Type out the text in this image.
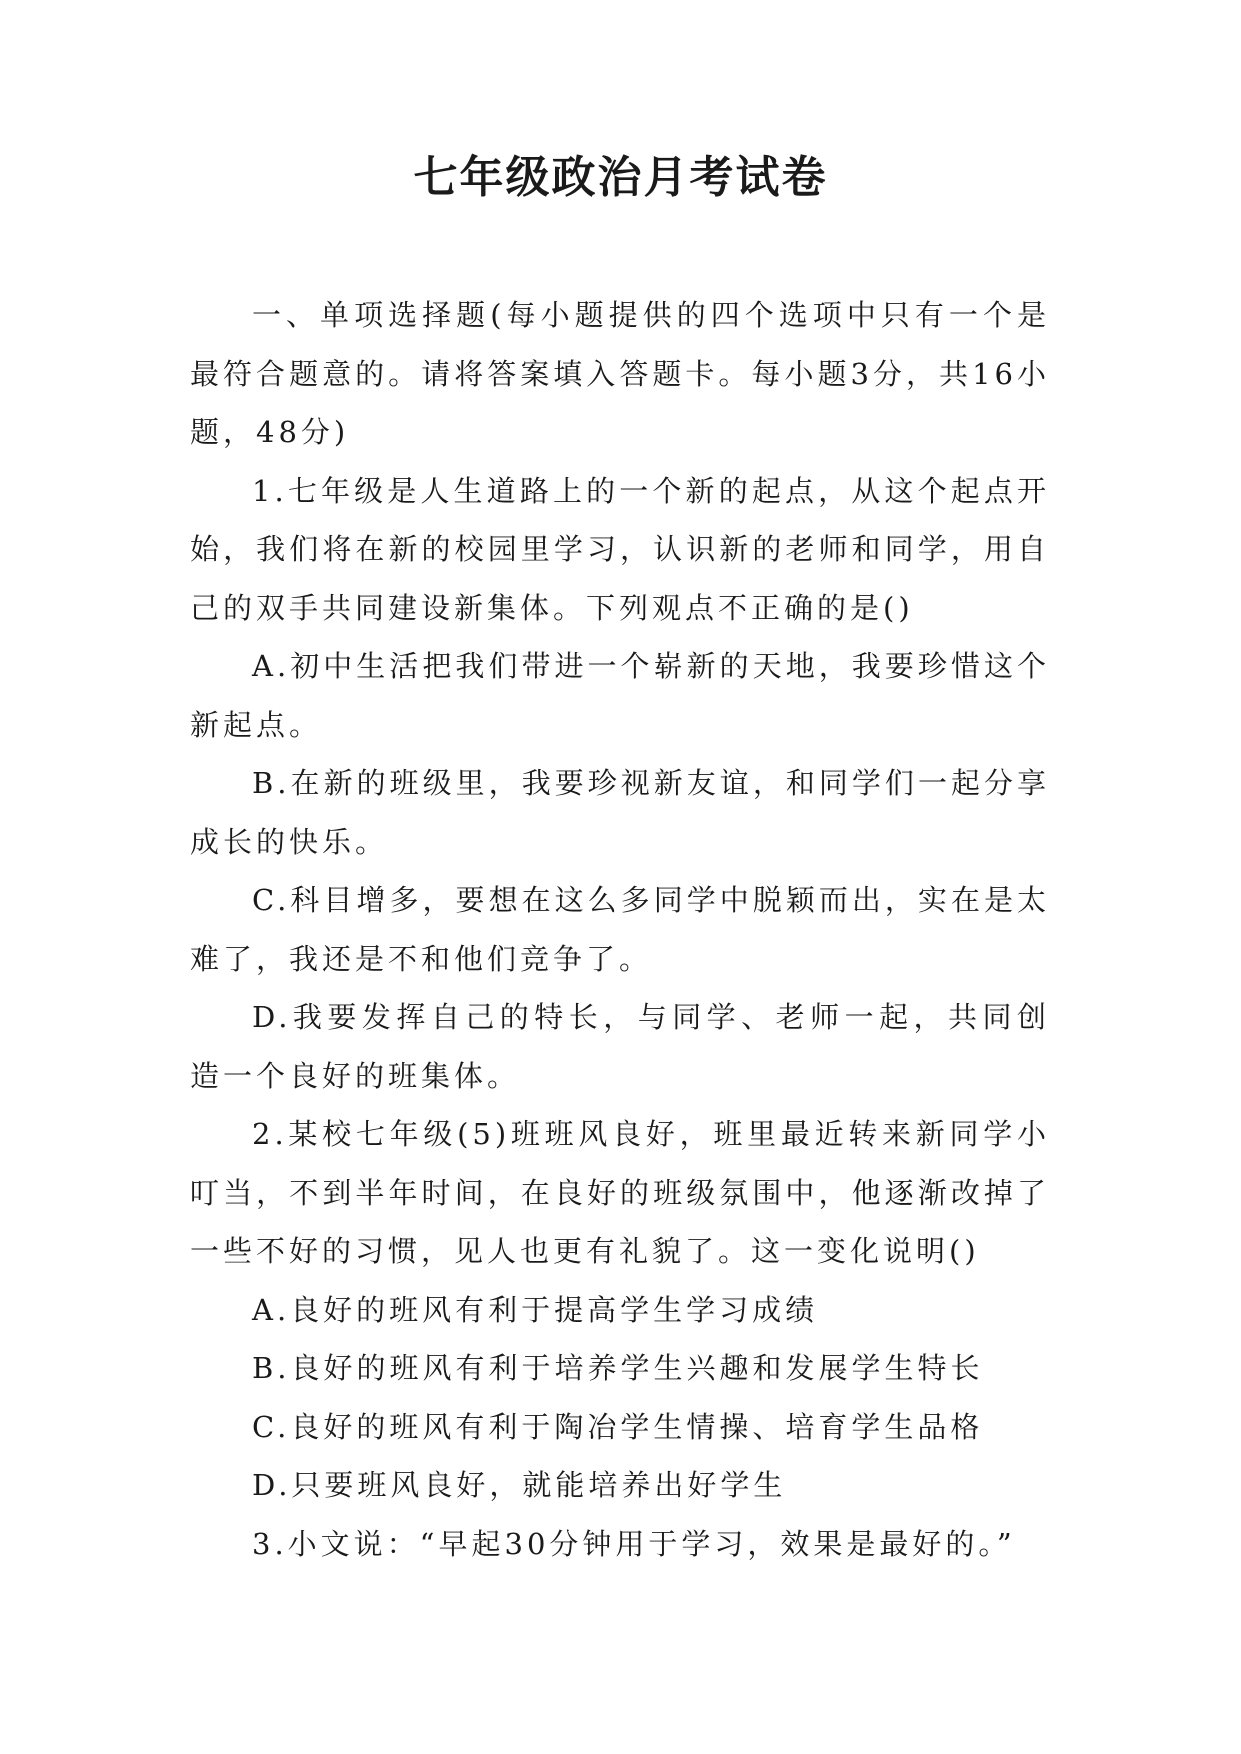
七年级政治月考试卷

一、单项选择题(每小题提供的四个选项中只有一个是最符合题意的。请将答案填入答题卡。每小题3分，共16小题，48分)

1.七年级是人生道路上的一个新的起点，从这个起点开始，我们将在新的校园里学习，认识新的老师和同学，用自己的双手共同建设新集体。下列观点不正确的是()

A.初中生活把我们带进一个崭新的天地，我要珍惜这个新起点。

B.在新的班级里，我要珍视新友谊，和同学们一起分享成长的快乐。

C.科目增多，要想在这么多同学中脱颖而出，实在是太难了，我还是不和他们竞争了。

D.我要发挥自己的特长，与同学、老师一起，共同创造一个良好的班集体。

2.某校七年级(5)班班风良好，班里最近转来新同学小叮当，不到半年时间，在良好的班级氛围中，他逐渐改掉了一些不好的习惯，见人也更有礼貌了。这一变化说明()

A.良好的班风有利于提高学生学习成绩

B.良好的班风有利于培养学生兴趣和发展学生特长

C.良好的班风有利于陶冶学生情操、培育学生品格

D.只要班风良好，就能培养出好学生

3.小文说：“早起30分钟用于学习，效果是最好的。”
